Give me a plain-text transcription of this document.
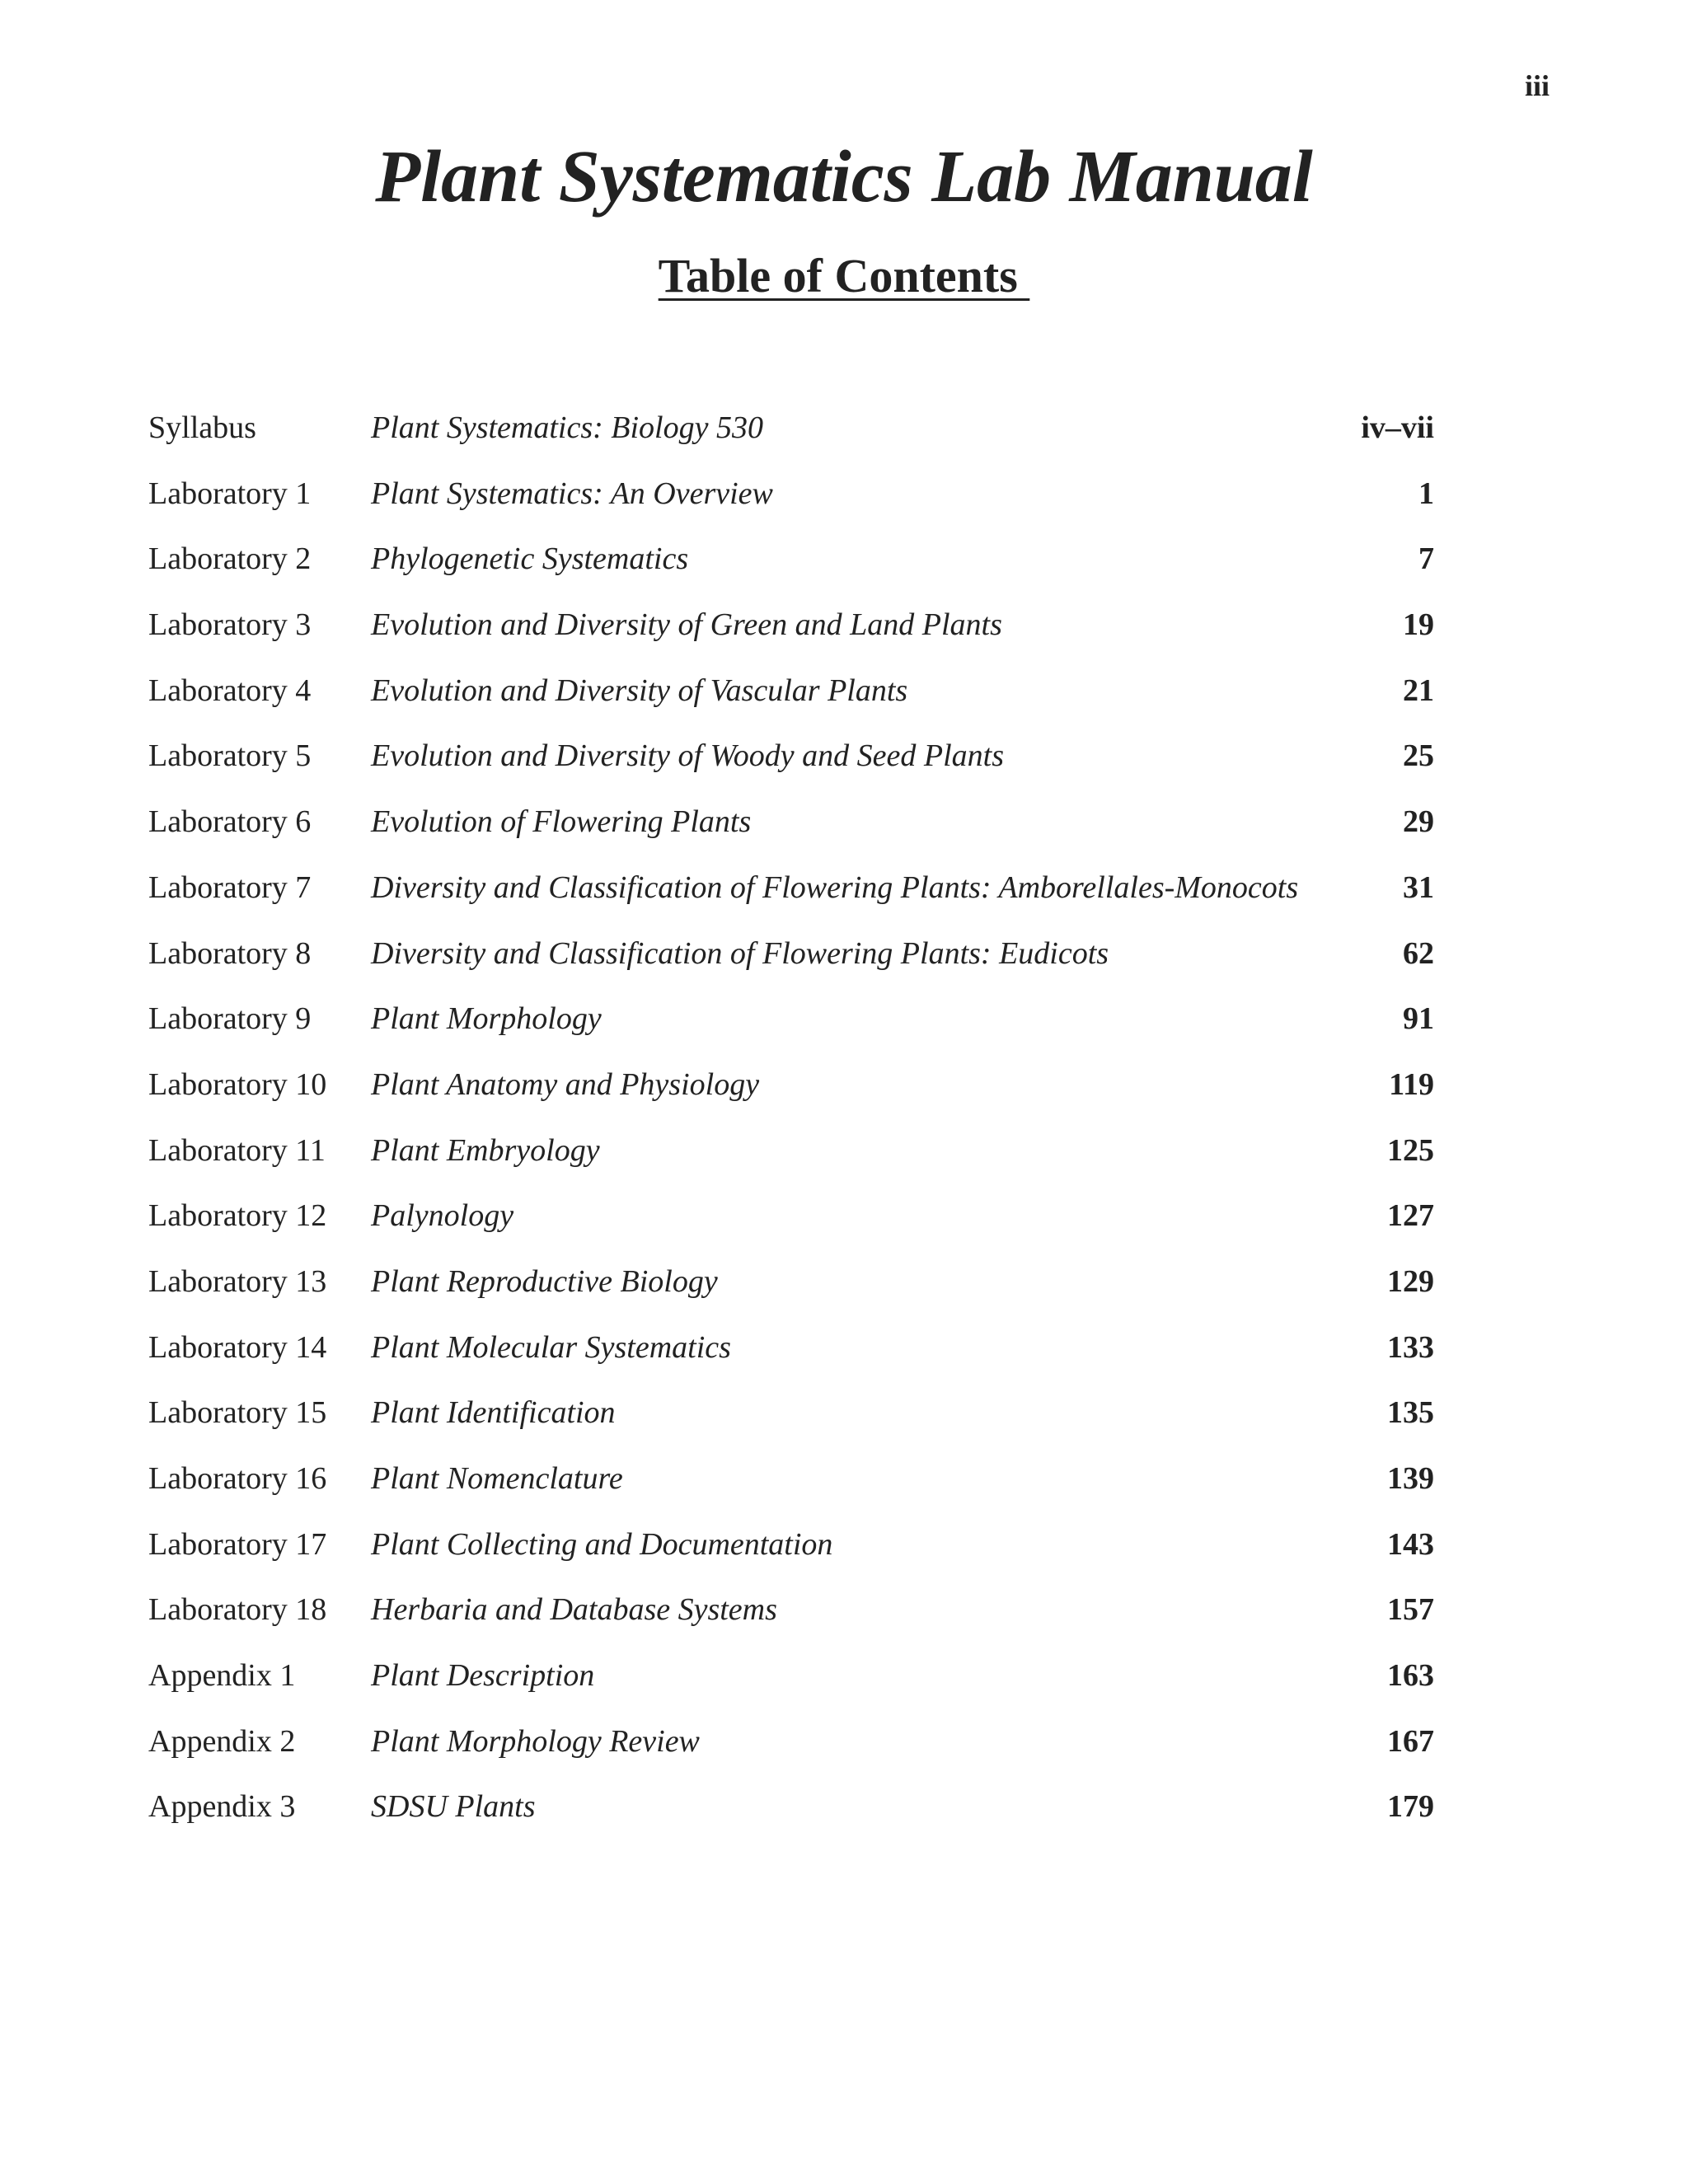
iii
Plant Systematics Lab Manual
Table of Contents
Syllabus	Plant Systematics: Biology 530	iv–vii
Laboratory 1 Plant Systematics: An Overview	1
Laboratory 2 Phylogenetic Systematics	7
Laboratory 3 Evolution and Diversity of Green and Land Plants	19
Laboratory 4 Evolution and Diversity of Vascular Plants	21
Laboratory 5 Evolution and Diversity of Woody and Seed Plants	25
Laboratory 6 Evolution of Flowering Plants	29
Laboratory 7 Diversity and Classification of Flowering Plants: Amborellales-Monocots	31
Laboratory 8 Diversity and Classification of Flowering Plants: Eudicots	62
Laboratory 9 Plant Morphology	91
Laboratory 10 Plant Anatomy and Physiology	119
Laboratory 11 Plant Embryology	125
Laboratory 12 Palynology	127
Laboratory 13 Plant Reproductive Biology	129
Laboratory 14 Plant Molecular Systematics	133
Laboratory 15 Plant Identification	135
Laboratory 16 Plant Nomenclature	139
Laboratory 17 Plant Collecting and Documentation	143
Laboratory 18 Herbaria and Database Systems	157
Appendix 1 Plant Description	163
Appendix 2 Plant Morphology Review	167
Appendix 3 SDSU Plants	179
